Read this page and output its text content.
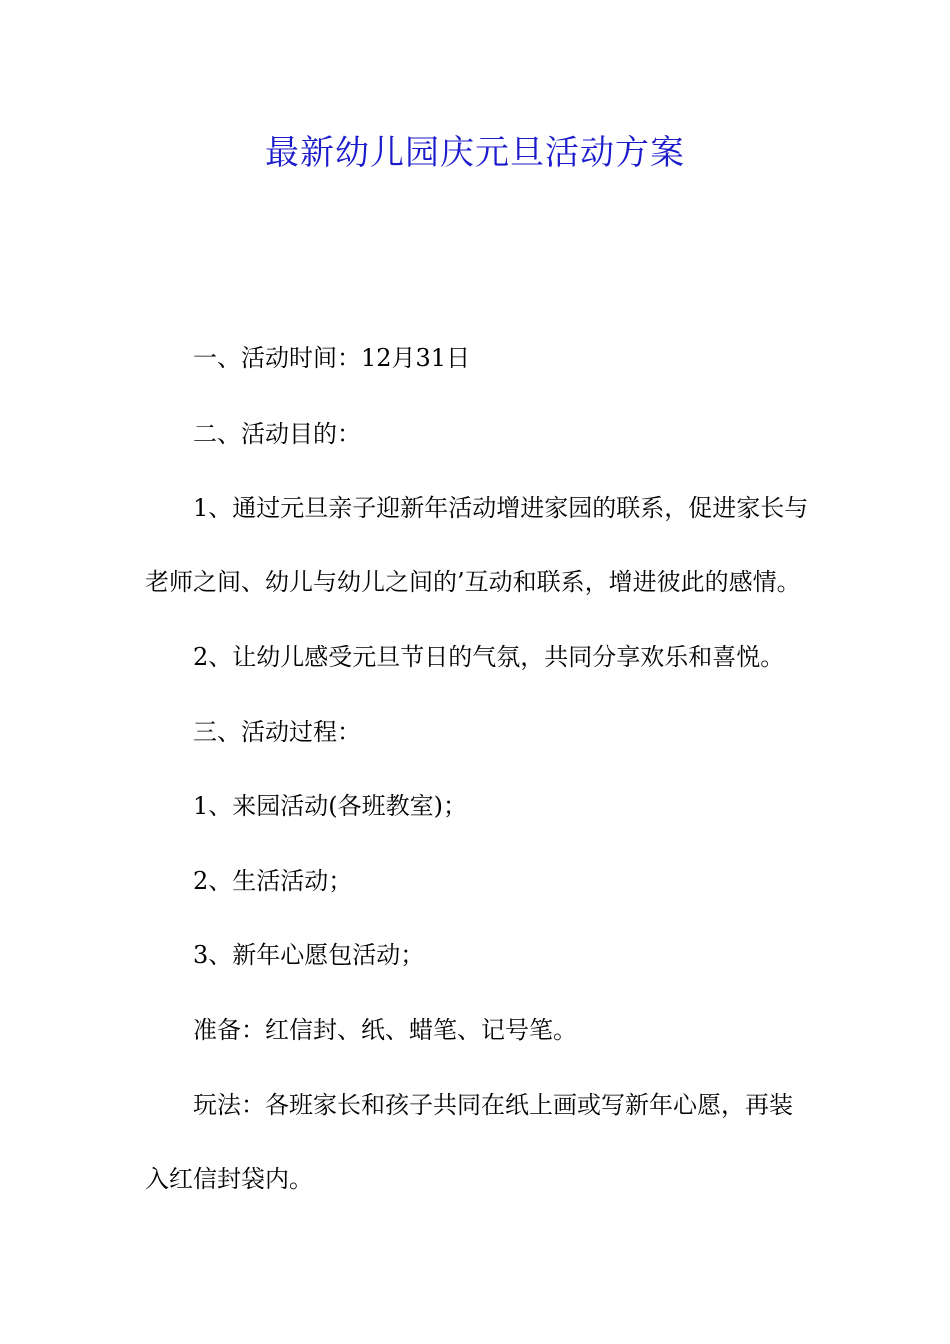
最新幼儿园庆元旦活动方案
一、活动时间：12月31日
二、活动目的：
1、通过元旦亲子迎新年活动增进家园的联系，促进家长与
老师之间、幼儿与幼儿之间的’互动和联系，增进彼此的感情。
2、让幼儿感受元旦节日的气氛，共同分享欢乐和喜悦。
三、活动过程：
1、来园活动(各班教室)；
2、生活活动；
3、新年心愿包活动；
准备：红信封、纸、蜡笔、记号笔。
玩法：各班家长和孩子共同在纸上画或写新年心愿，再装
入红信封袋内。
